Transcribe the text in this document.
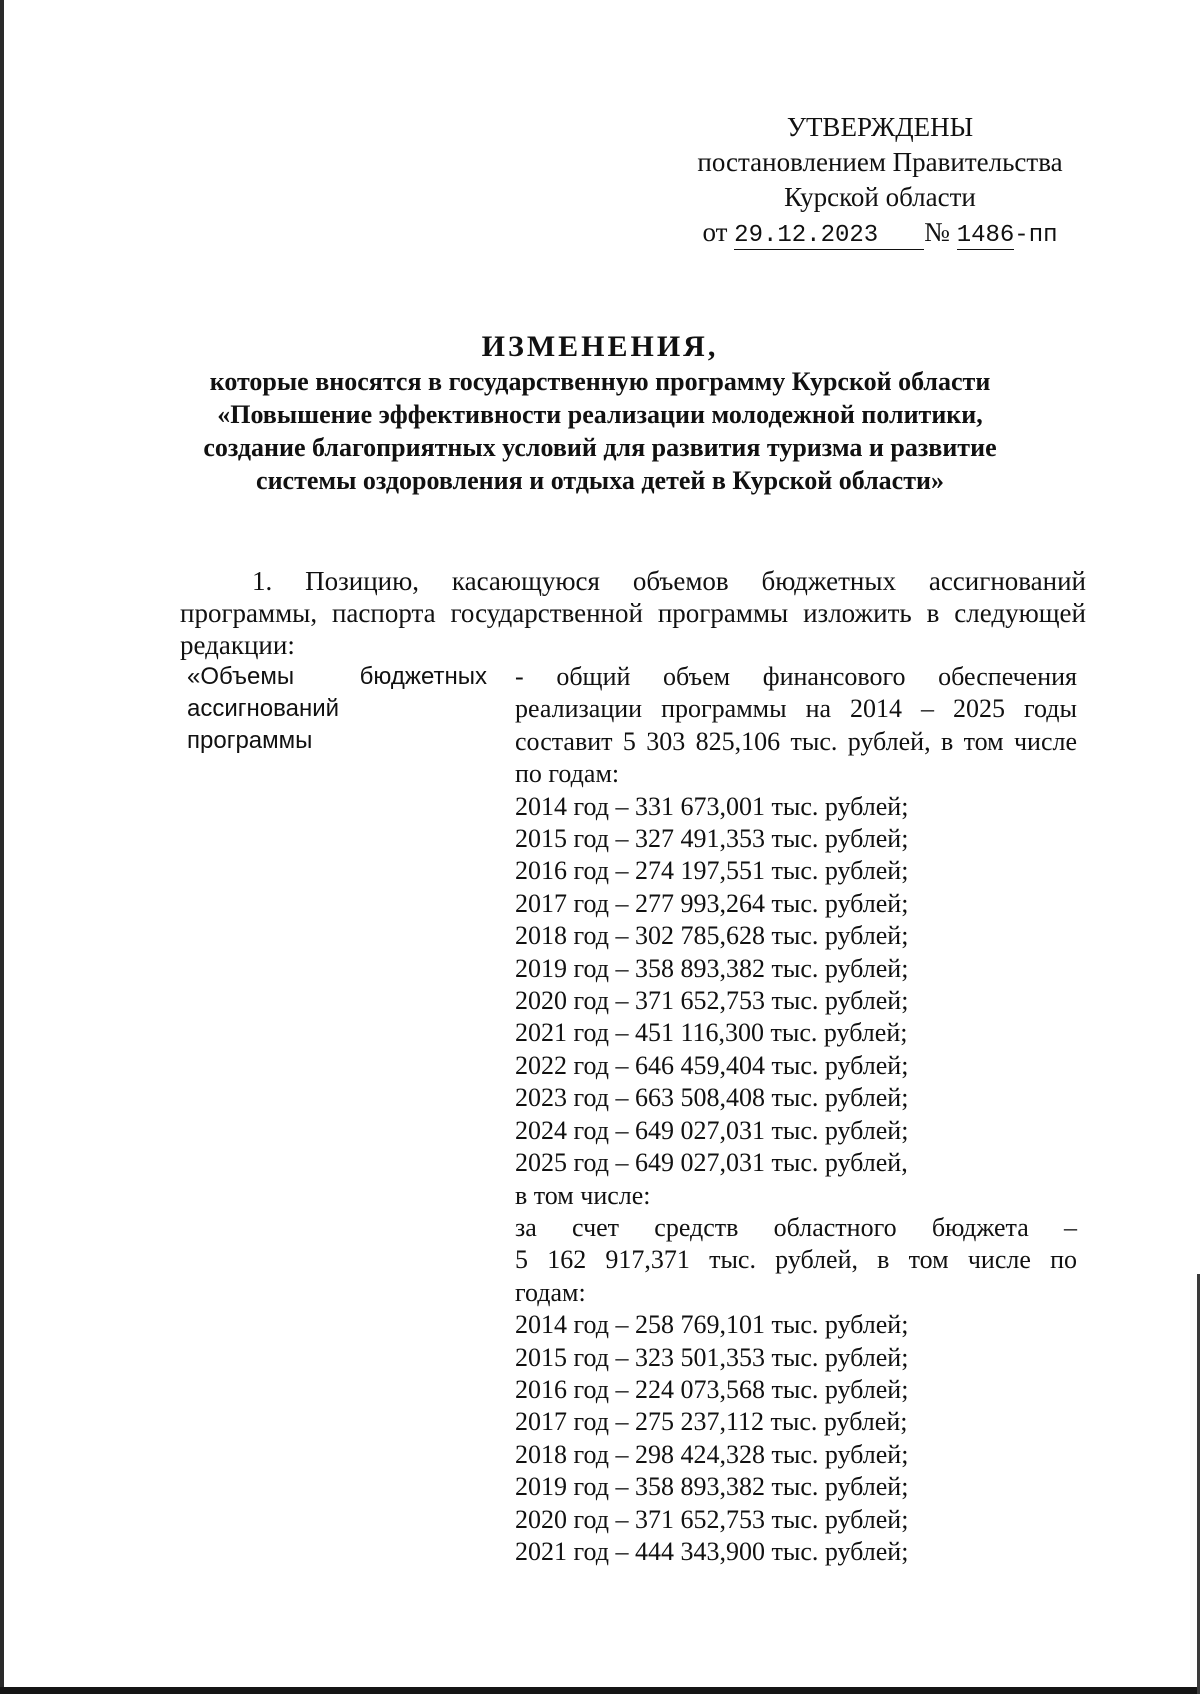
УТВЕРЖДЕНЫ
постановлением Правительства
Курской области
от 29.12.2023 № 1486-пп
ИЗМЕНЕНИЯ,
которые вносятся в государственную программу Курской области
«Повышение эффективности реализации молодежной политики,
создание благоприятных условий для развития туризма и развитие
системы оздоровления и отдыха детей в Курской области»
1. Позицию, касающуюся объемов бюджетных ассигнований
программы, паспорта государственной программы изложить в следующей
редакции:
«Объемы бюджетных
ассигнований
программы
- общий объем финансового обеспечения
реализации программы на 2014 – 2025 годы
составит 5 303 825,106 тыс. рублей, в том числе
по годам:
2014 год – 331 673,001 тыс. рублей;
2015 год – 327 491,353 тыс. рублей;
2016 год – 274 197,551 тыс. рублей;
2017 год – 277 993,264 тыс. рублей;
2018 год – 302 785,628 тыс. рублей;
2019 год – 358 893,382 тыс. рублей;
2020 год – 371 652,753 тыс. рублей;
2021 год – 451 116,300 тыс. рублей;
2022 год – 646 459,404 тыс. рублей;
2023 год – 663 508,408 тыс. рублей;
2024 год – 649 027,031 тыс. рублей;
2025 год – 649 027,031 тыс. рублей,
в том числе:
за счет средств областного бюджета –
5 162 917,371 тыс. рублей, в том числе по
годам:
2014 год – 258 769,101 тыс. рублей;
2015 год – 323 501,353 тыс. рублей;
2016 год – 224 073,568 тыс. рублей;
2017 год – 275 237,112 тыс. рублей;
2018 год – 298 424,328 тыс. рублей;
2019 год – 358 893,382 тыс. рублей;
2020 год – 371 652,753 тыс. рублей;
2021 год – 444 343,900 тыс. рублей;
